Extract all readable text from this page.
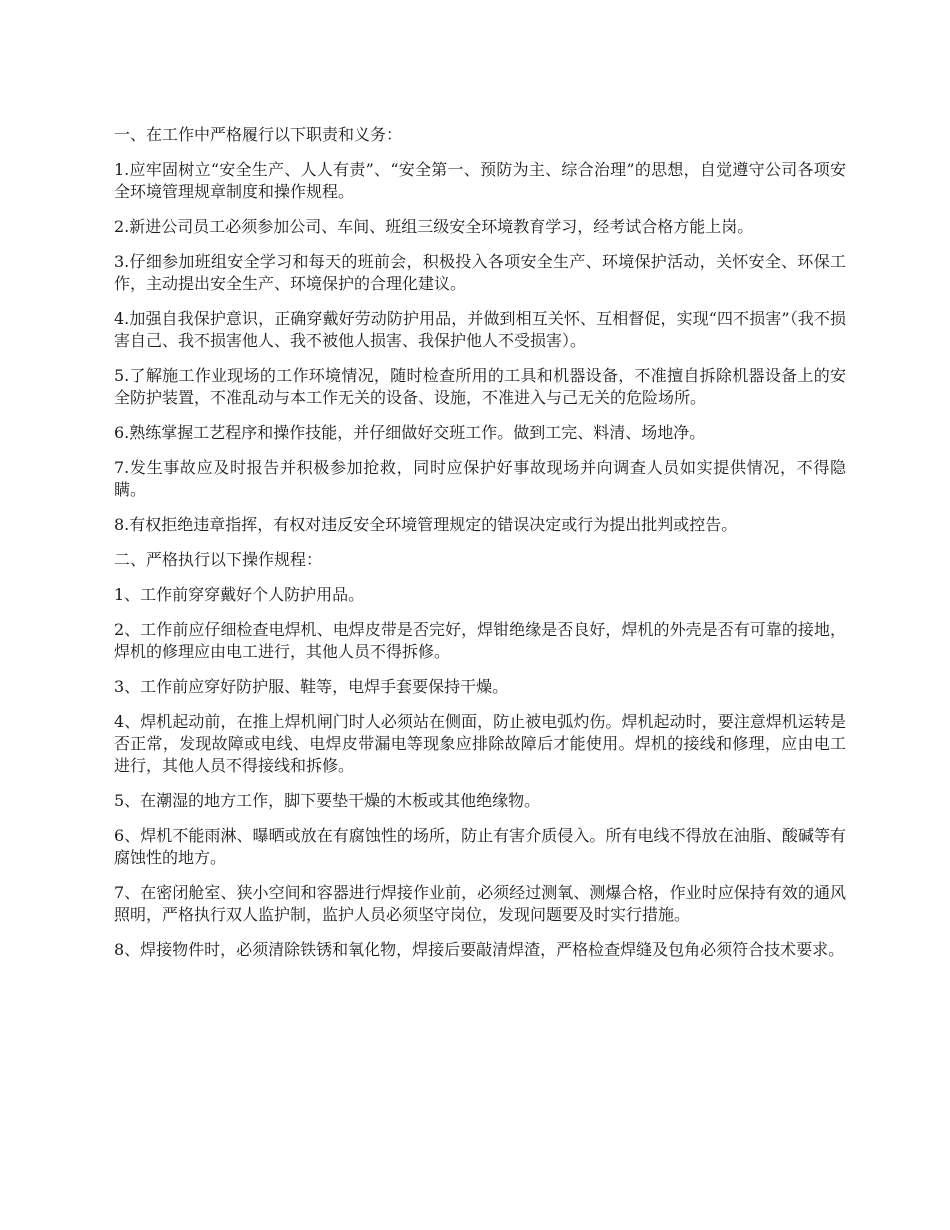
一、在工作中严格履行以下职责和义务：

1.应牢固树立“安全生产、人人有责”、“安全第一、预防为主、综合治理”的思想，自觉遵守公司各项安全环境管理规章制度和操作规程。

2.新进公司员工必须参加公司、车间、班组三级安全环境教育学习，经考试合格方能上岗。

3.仔细参加班组安全学习和每天的班前会，积极投入各项安全生产、环境保护活动，关怀安全、环保工作，主动提出安全生产、环境保护的合理化建议。

4.加强自我保护意识，正确穿戴好劳动防护用品，并做到相互关怀、互相督促，实现“四不损害”（我不损害自己、我不损害他人、我不被他人损害、我保护他人不受损害）。

5.了解施工作业现场的工作环境情况，随时检查所用的工具和机器设备，不准擅自拆除机器设备上的安全防护装置，不准乱动与本工作无关的设备、设施，不准进入与己无关的危险场所。

6.熟练掌握工艺程序和操作技能，并仔细做好交班工作。做到工完、料清、场地净。

7.发生事故应及时报告并积极参加抢救，同时应保护好事故现场并向调查人员如实提供情况，不得隐瞒。

8.有权拒绝违章指挥，有权对违反安全环境管理规定的错误决定或行为提出批判或控告。

二、严格执行以下操作规程：

1、工作前穿穿戴好个人防护用品。

2、工作前应仔细检查电焊机、电焊皮带是否完好，焊钳绝缘是否良好，焊机的外壳是否有可靠的接地，焊机的修理应由电工进行，其他人员不得拆修。

3、工作前应穿好防护服、鞋等，电焊手套要保持干燥。

4、焊机起动前，在推上焊机闸门时人必须站在侧面，防止被电弧灼伤。焊机起动时，要注意焊机运转是否正常，发现故障或电线、电焊皮带漏电等现象应排除故障后才能使用。焊机的接线和修理，应由电工进行，其他人员不得接线和拆修。

5、在潮湿的地方工作，脚下要垫干燥的木板或其他绝缘物。

6、焊机不能雨淋、曝晒或放在有腐蚀性的场所，防止有害介质侵入。所有电线不得放在油脂、酸碱等有腐蚀性的地方。

7、在密闭舱室、狭小空间和容器进行焊接作业前，必须经过测氧、测爆合格，作业时应保持有效的通风照明，严格执行双人监护制，监护人员必须坚守岗位，发现问题要及时实行措施。

8、焊接物件时，必须清除铁锈和氧化物，焊接后要敲清焊渣，严格检查焊缝及包角必须符合技术要求。
